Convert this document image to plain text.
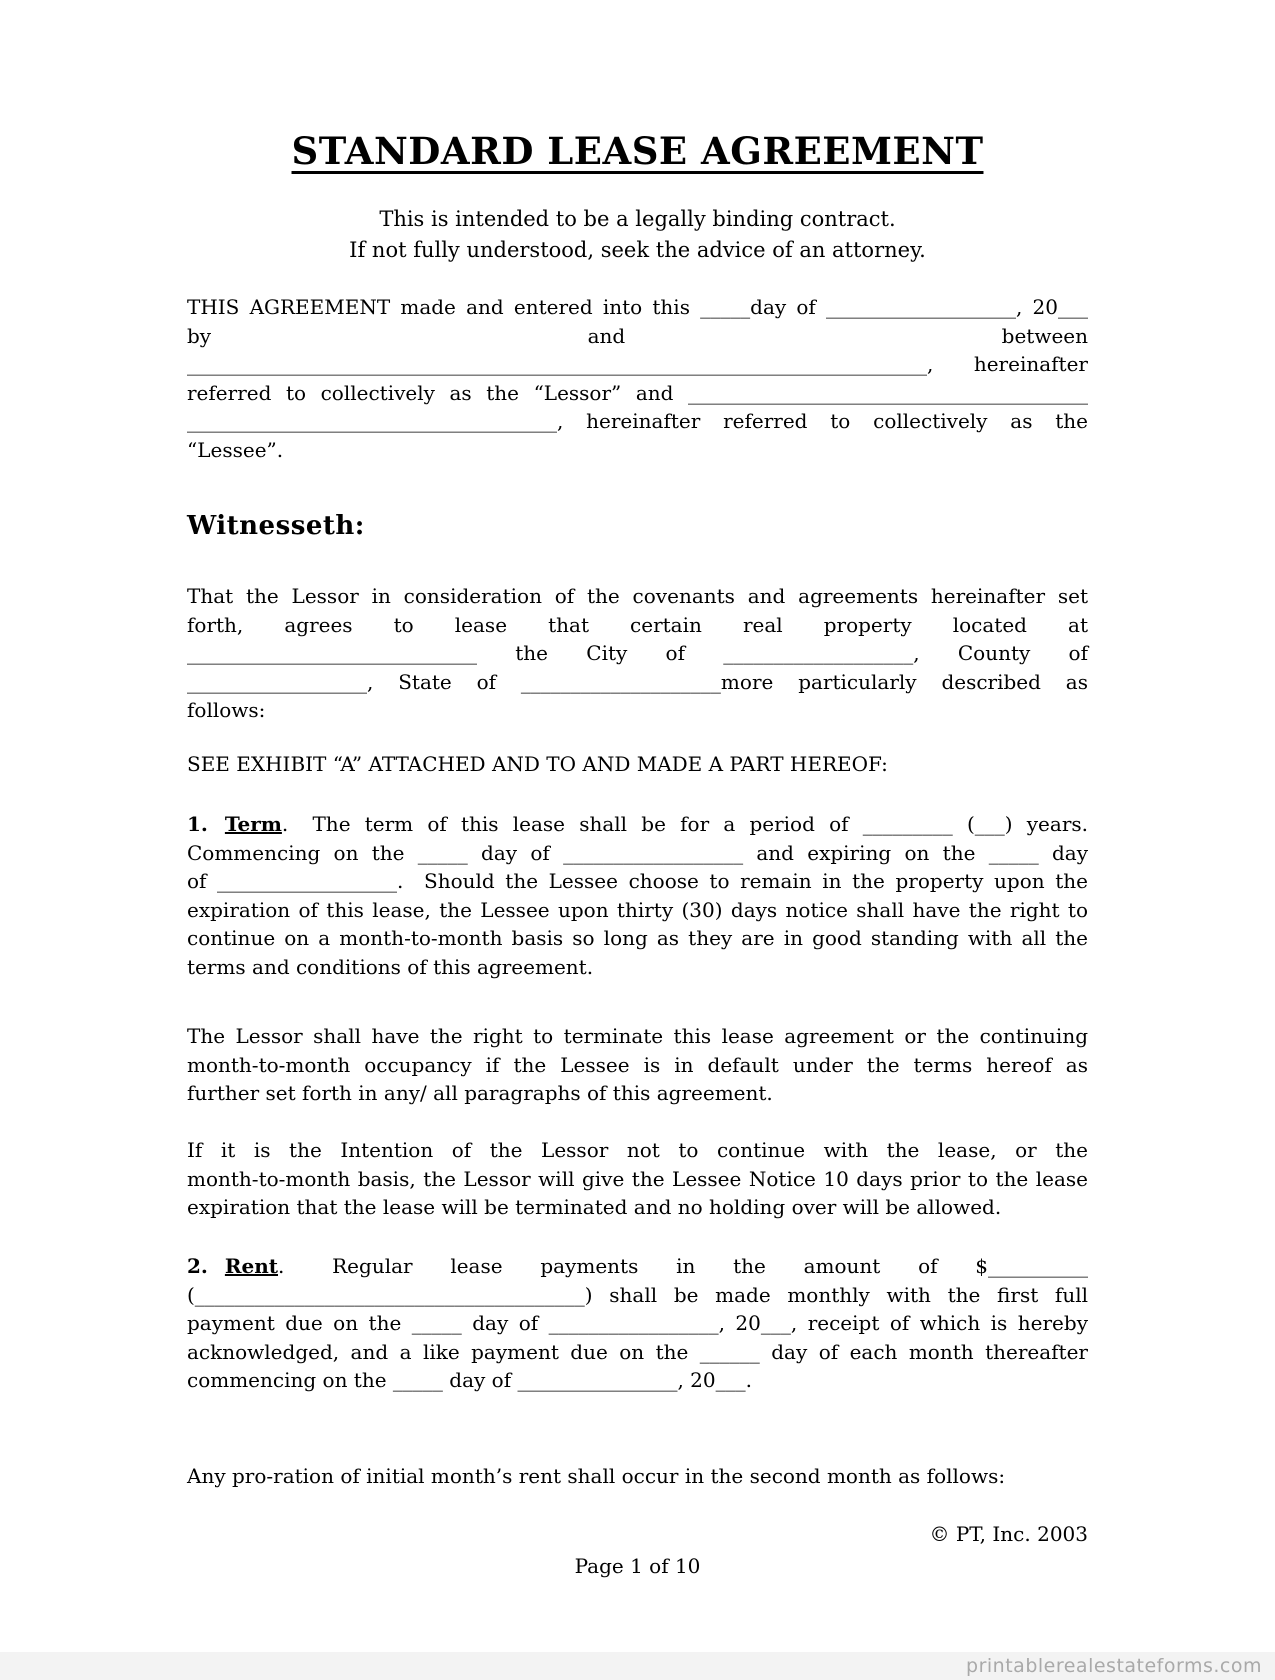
STANDARD LEASE AGREEMENT
This is intended to be a legally binding contract.
If not fully understood, seek the advice of an attorney.
THIS AGREEMENT made and entered into this _____day of ___________________, 20___
by and between
__________________________________________________________________________, hereinafter
referred to collectively as the “Lessor” and ________________________________________
_____________________________________, hereinafter referred to collectively as the
“Lessee”.
Witnesseth:
That the Lessor in consideration of the covenants and agreements hereinafter set
forth, agrees to lease that certain real property located at
_____________________________ the City of ___________________, County of
__________________, State of ____________________more particularly described as
follows:
SEE EXHIBIT “A” ATTACHED AND TO AND MADE A PART HEREOF:
1. Term.  The term of this lease shall be for a period of _________ (___) years.
Commencing on the _____ day of __________________ and expiring on the _____ day
of __________________.  Should the Lessee choose to remain in the property upon the
expiration of this lease, the Lessee upon thirty (30) days notice shall have the right to
continue on a month-to-month basis so long as they are in good standing with all the
terms and conditions of this agreement.
The Lessor shall have the right to terminate this lease agreement or the continuing
month-to-month occupancy if the Lessee is in default under the terms hereof as
further set forth in any/ all paragraphs of this agreement.
If it is the Intention of the Lessor not to continue with the lease, or the
month-to-month basis, the Lessor will give the Lessee Notice 10 days prior to the lease
expiration that the lease will be terminated and no holding over will be allowed.
2. Rent.  Regular lease payments in the amount of $__________
(_______________________________________) shall be made monthly with the first full
payment due on the _____ day of _________________, 20___, receipt of which is hereby
acknowledged, and a like payment due on the ______ day of each month thereafter
commencing on the _____ day of ________________, 20___.
Any pro-ration of initial month’s rent shall occur in the second month as follows:
© PT, Inc. 2003
Page 1 of 10
printablerealestateforms.com
